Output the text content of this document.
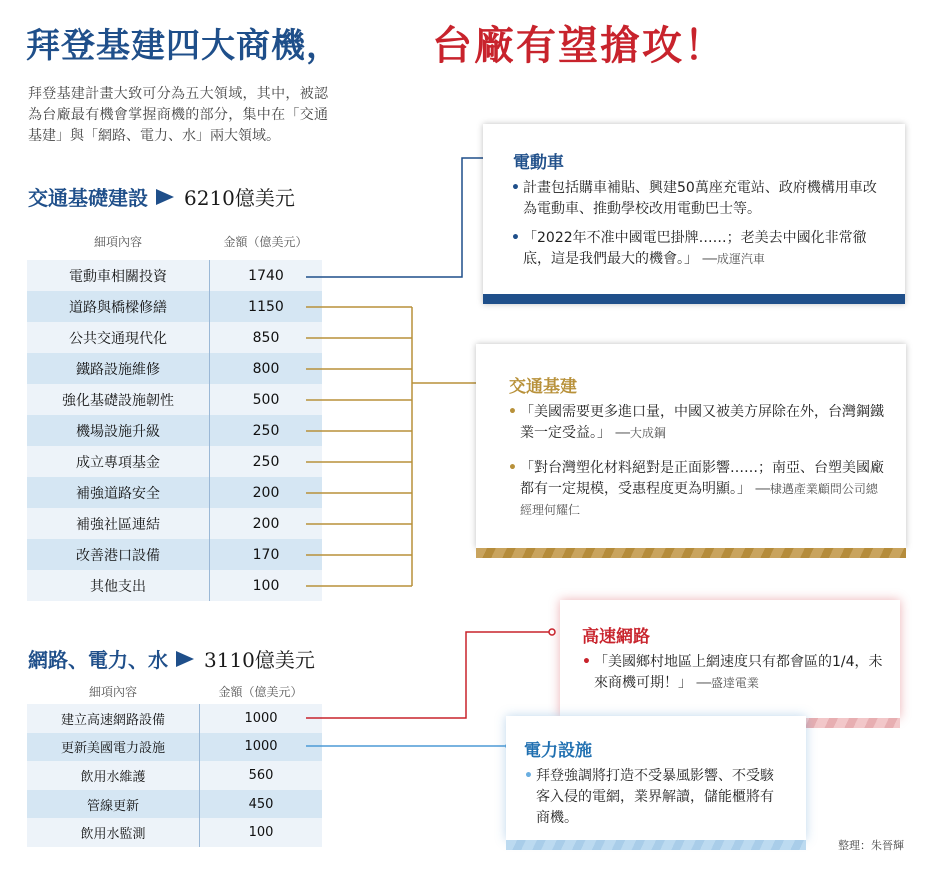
拜登基建四大商機， 台廠有望搶攻！
拜登基建計畫大致可分為五大領域，其中，被認為台廠最有機會掌握商機的部分，集中在「交通基建」與「網路、電力、水」兩大領域。
交通基礎建設 6210億美元
細項內容	金額（億美元）
電動車相關投資	1740
道路與橋樑修繕	1150
公共交通現代化	850
鐵路設施維修	800
強化基礎設施韌性	500
機場設施升級	250
成立專項基金	250
補強道路安全	200
補強社區連結	200
改善港口設備	170
其他支出	100
網路、電力、水 3110億美元
細項內容	金額（億美元）
建立高速網路設備	1000
更新美國電力設施	1000
飲用水維護	560
管線更新	450
飲用水監測	100
電動車
• 計畫包括購車補貼、興建50萬座充電站、政府機構用車改為電動車、推動學校改用電動巴士等。
• 「2022年不准中國電巴掛牌……；老美去中國化非常徹底，這是我們最大的機會。」 ──成運汽車
交通基建
• 「美國需要更多進口量，中國又被美方屏除在外，台灣鋼鐵業一定受益。」 ──大成鋼
• 「對台灣塑化材料絕對是正面影響……；南亞、台塑美國廠都有一定規模，受惠程度更為明顯。」 ──棣邁產業顧問公司總經理何耀仁
高速網路
• 「美國鄉村地區上網速度只有都會區的1/4，未來商機可期！」 ──盛達電業
電力設施
• 拜登強調將打造不受暴風影響、不受駭客入侵的電網，業界解讀，儲能櫃將有商機。
整理：朱晉輝
